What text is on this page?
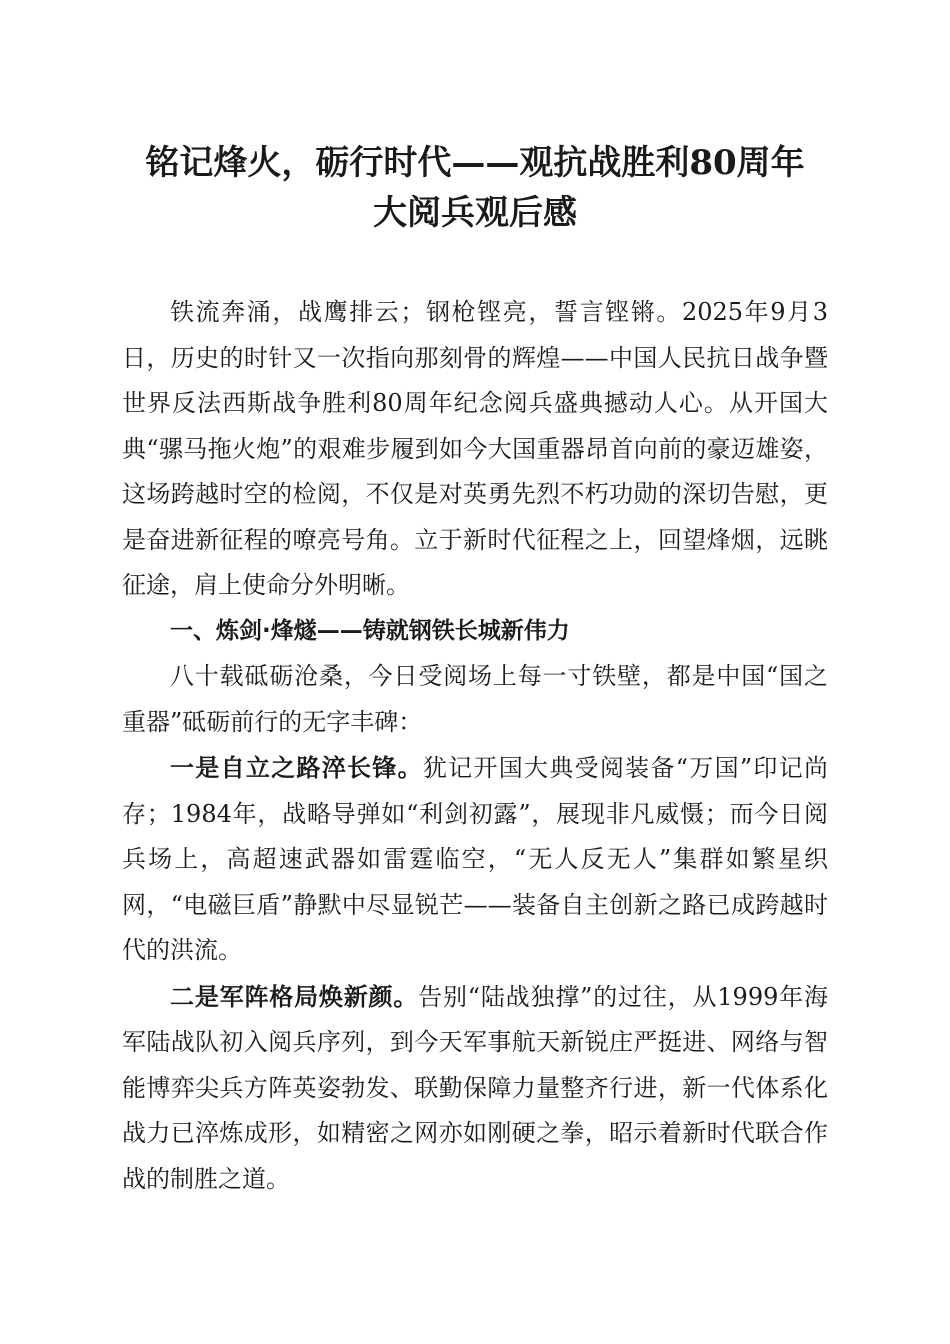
铭记烽火，砺行时代——观抗战胜利80周年
大阅兵观后感

铁流奔涌，战鹰排云；钢枪铿亮，誓言铿锵。2025年9月3日，历史的时针又一次指向那刻骨的辉煌——中国人民抗日战争暨世界反法西斯战争胜利80周年纪念阅兵盛典撼动人心。从开国大典“骡马拖火炮”的艰难步履到如今大国重器昂首向前的豪迈雄姿，这场跨越时空的检阅，不仅是对英勇先烈不朽功勋的深切告慰，更是奋进新征程的嘹亮号角。立于新时代征程之上，回望烽烟，远眺征途，肩上使命分外明晰。

一、炼剑·烽燧——铸就钢铁长城新伟力

八十载砥砺沧桑，今日受阅场上每一寸铁壁，都是中国“国之重器”砥砺前行的无字丰碑：

一是自立之路淬长锋。犹记开国大典受阅装备“万国”印记尚存；1984年，战略导弹如“利剑初露”，展现非凡威慑；而今日阅兵场上，高超速武器如雷霆临空，“无人反无人”集群如繁星织网，“电磁巨盾”静默中尽显锐芒——装备自主创新之路已成跨越时代的洪流。

二是军阵格局焕新颜。告别“陆战独撑”的过往，从1999年海军陆战队初入阅兵序列，到今天军事航天新锐庄严挺进、网络与智能博弈尖兵方阵英姿勃发、联勤保障力量整齐行进，新一代体系化战力已淬炼成形，如精密之网亦如刚硬之拳，昭示着新时代联合作战的制胜之道。
